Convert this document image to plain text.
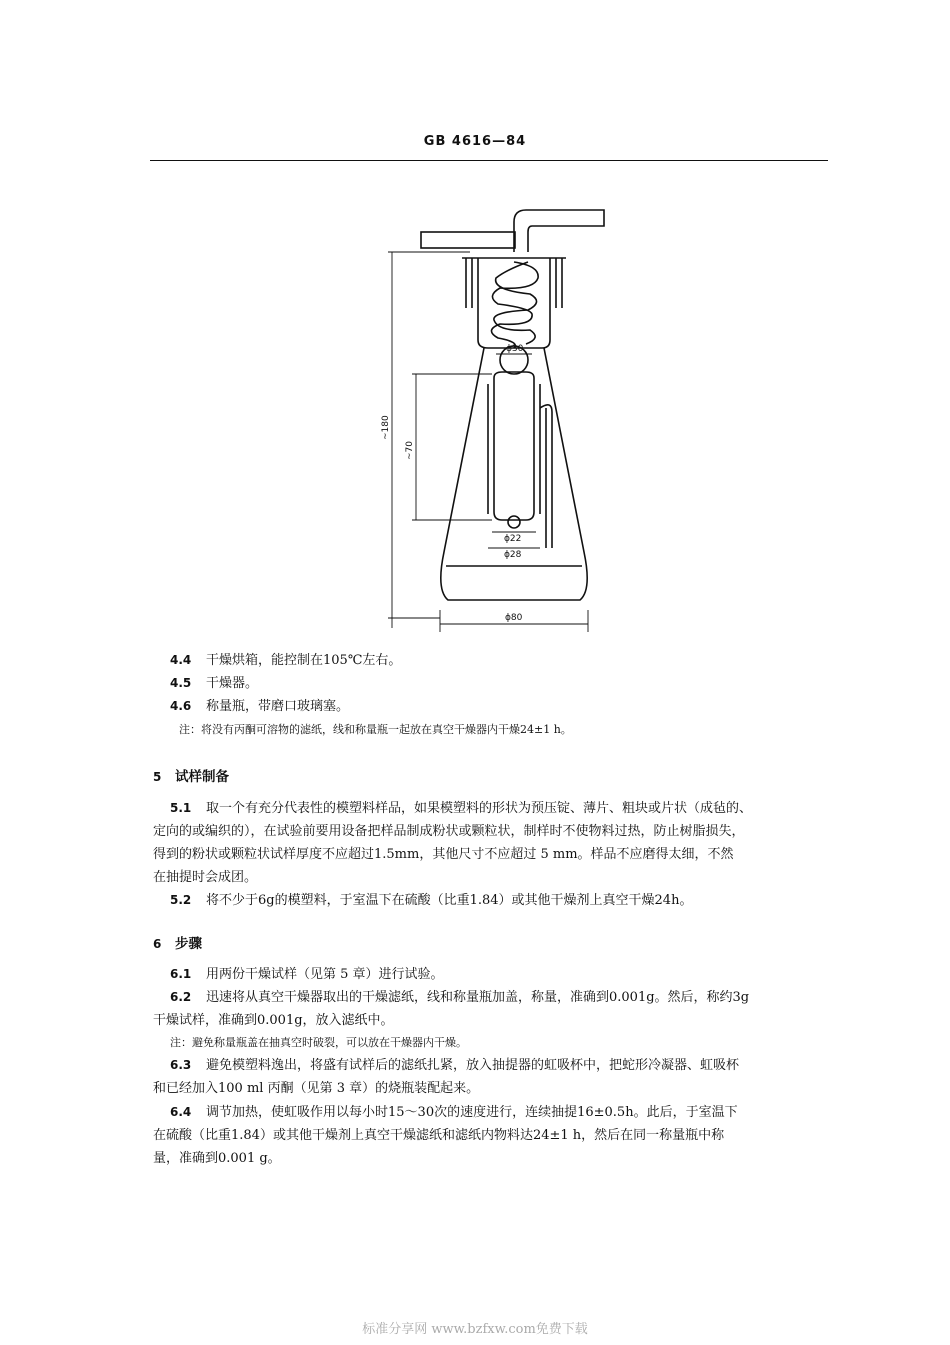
GB 4616—84
~180
~70
ϕ30
ϕ22
ϕ28
ϕ80
4.4 干燥烘箱，能控制在105℃左右。
4.5 干燥器。
4.6 称量瓶，带磨口玻璃塞。
注：将没有丙酮可溶物的滤纸，线和称量瓶一起放在真空干燥器内干燥24±1 h。
5 试样制备
5.1 取一个有充分代表性的模塑料样品，如果模塑料的形状为预压锭、薄片、粗块或片状（成毡的、
定向的或编织的），在试验前要用设备把样品制成粉状或颗粒状，制样时不使物料过热，防止树脂损失，
得到的粉状或颗粒状试样厚度不应超过1.5mm，其他尺寸不应超过 5 mm。样品不应磨得太细，不然
在抽提时会成团。
5.2 将不少于6g的模塑料，于室温下在硫酸（比重1.84）或其他干燥剂上真空干燥24h。
6 步骤
6.1 用两份干燥试样（见第 5 章）进行试验。
6.2 迅速将从真空干燥器取出的干燥滤纸，线和称量瓶加盖，称量，准确到0.001g。然后，称约3g
干燥试样，准确到0.001g，放入滤纸中。
注：避免称量瓶盖在抽真空时破裂，可以放在干燥器内干燥。
6.3 避免模塑料逸出，将盛有试样后的滤纸扎紧，放入抽提器的虹吸杯中，把蛇形冷凝器、虹吸杯
和已经加入100 ml 丙酮（见第 3 章）的烧瓶装配起来。
6.4 调节加热，使虹吸作用以每小时15～30次的速度进行，连续抽提16±0.5h。此后，于室温下
在硫酸（比重1.84）或其他干燥剂上真空干燥滤纸和滤纸内物料达24±1 h，然后在同一称量瓶中称
量，准确到0.001 g。
标准分享网 www.bzfxw.com免费下载
